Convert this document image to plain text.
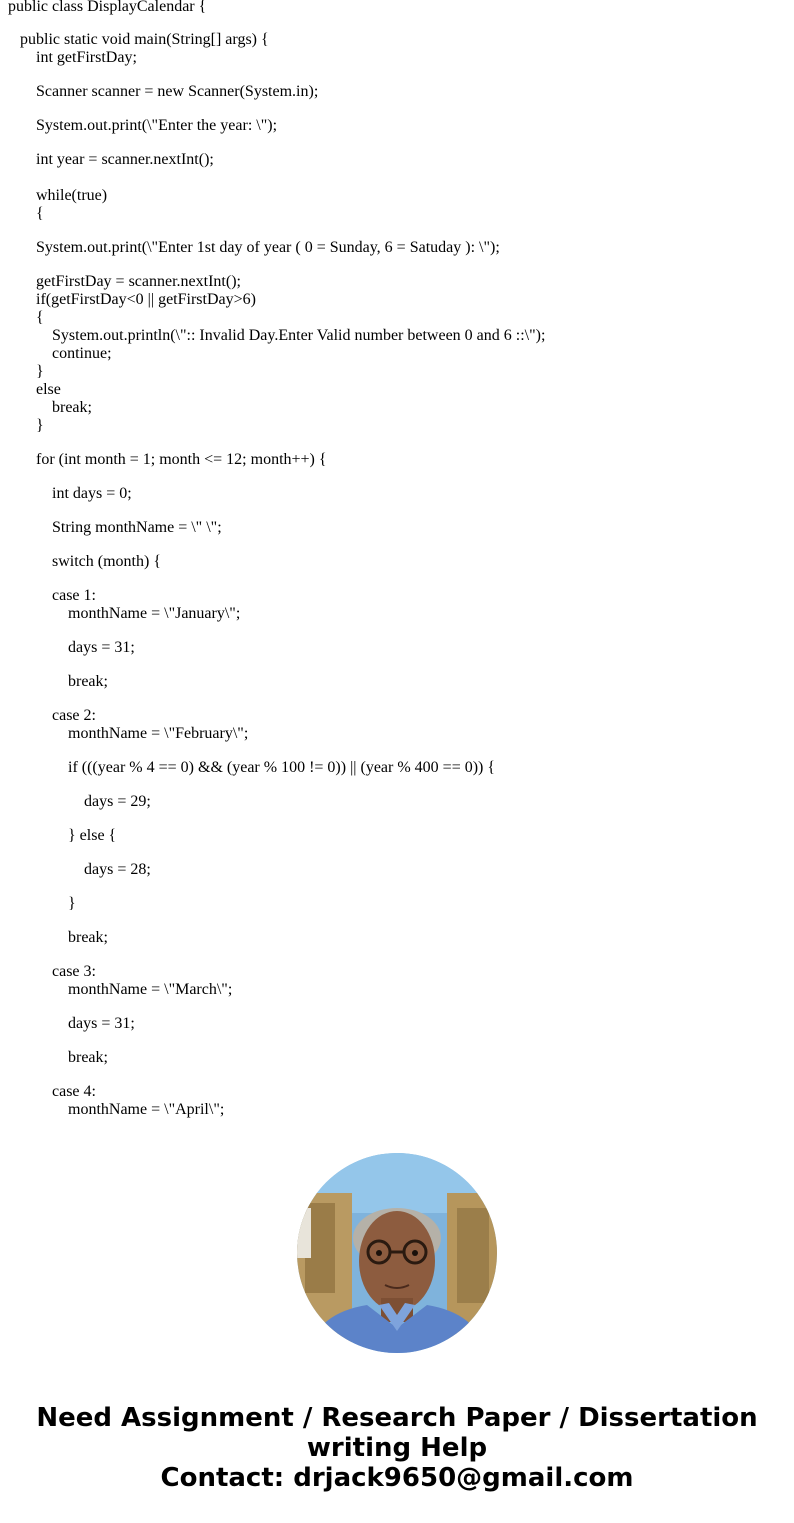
public class DisplayCalendar {
public static void main(String[] args) {
int getFirstDay;
Scanner scanner = new Scanner(System.in);
System.out.print(\"Enter the year: \");
int year = scanner.nextInt();
while(true)
{
System.out.print(\"Enter 1st day of year ( 0 = Sunday, 6 = Satuday ): \");
getFirstDay = scanner.nextInt();
if(getFirstDay<0 || getFirstDay>6)
{
System.out.println(\":: Invalid Day.Enter Valid number between 0 and 6 ::\");
continue;
}
else
break;
}
for (int month = 1; month <= 12; month++) {
int days = 0;
String monthName = \" \";
switch (month) {
case 1:
monthName = \"January\";
days = 31;
break;
case 2:
monthName = \"February\";
if (((year % 4 == 0) && (year % 100 != 0)) || (year % 400 == 0)) {
days = 29;
} else {
days = 28;
}
break;
case 3:
monthName = \"March\";
days = 31;
break;
case 4:
monthName = \"April\";
Need Assignment / Research Paper / Dissertation
writing Help
Contact: drjack9650@gmail.com
